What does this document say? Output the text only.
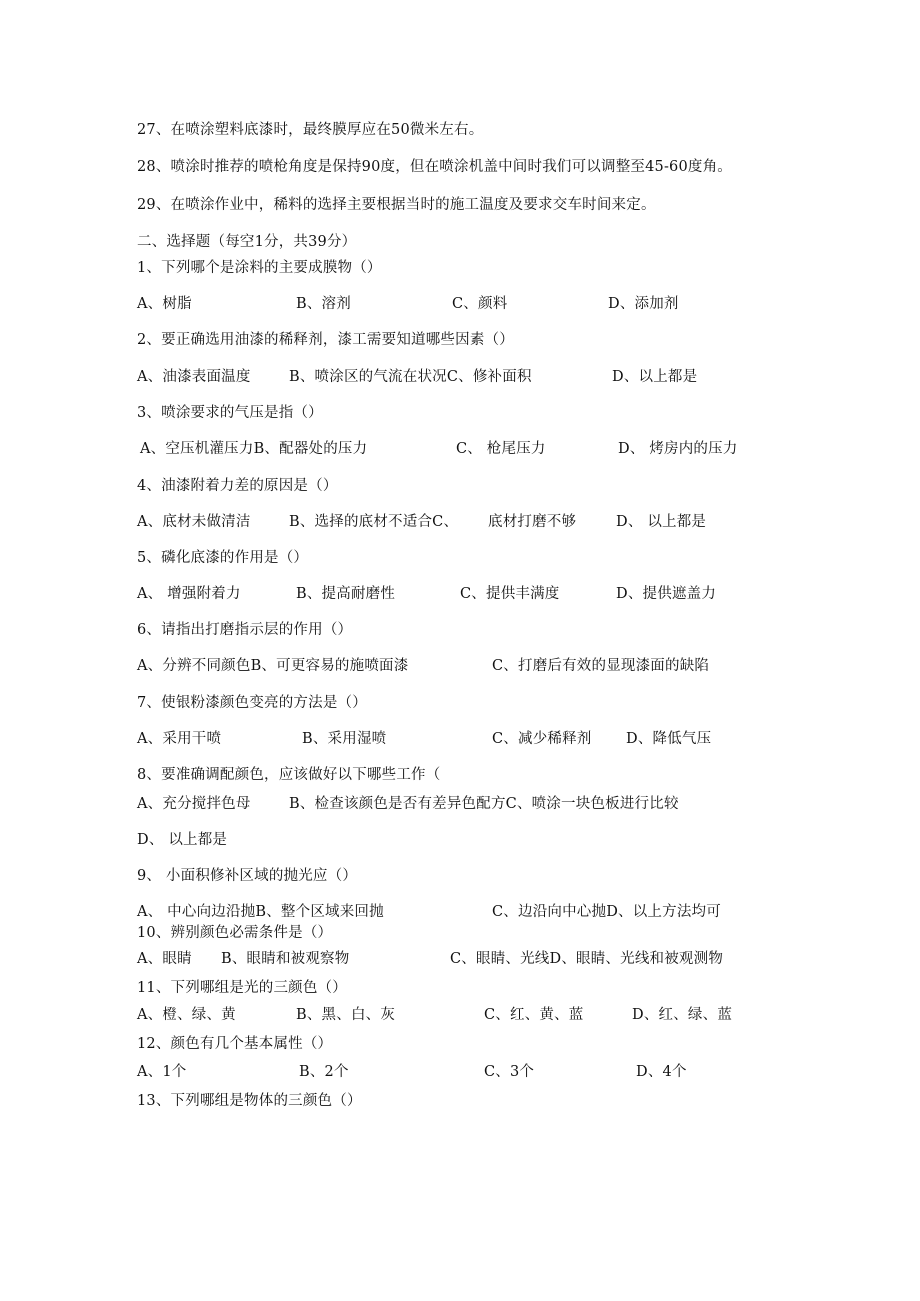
27、在喷涂塑料底漆时，最终膜厚应在50微米左右。
28、喷涂时推荐的喷枪角度是保持90度，但在喷涂机盖中间时我们可以调整至45-60度角。
29、在喷涂作业中，稀料的选择主要根据当时的施工温度及要求交车时间来定。
二、选择题（每空1分，共39分）
1、下列哪个是涂料的主要成膜物（）
A、树脂	B、溶剂	C、颜料	D、添加剂
2、要正确选用油漆的稀释剂，漆工需要知道哪些因素（）
A、油漆表面温度	B、喷涂区的气流在状况C、修补面积	D、以上都是
3、喷涂要求的气压是指（）
A、空压机灌压力B、配器处的压力	C、 枪尾压力	D、 烤房内的压力
4、油漆附着力差的原因是（）
A、底材未做清洁	B、选择的底材不适合C、 底材打磨不够	D、 以上都是
5、磷化底漆的作用是（）
A、 增强附着力	B、提高耐磨性	C、提供丰满度	D、提供遮盖力
6、请指出打磨指示层的作用（）
A、分辨不同颜色B、可更容易的施喷面漆	C、打磨后有效的显现漆面的缺陷
7、使银粉漆颜色变亮的方法是（）
A、采用干喷	B、采用湿喷	C、减少稀释剂 D、降低气压
8、要准确调配颜色，应该做好以下哪些工作（
A、充分搅拌色母	B、检查该颜色是否有差异色配方C、喷涂一块色板进行比较
D、 以上都是
9、 小面积修补区域的抛光应（）
A、 中心向边沿抛B、整个区域来回抛	C、边沿向中心抛D、以上方法均可
10、辨别颜色必需条件是（）
A、眼睛 B、眼睛和被观察物	C、眼睛、光线D、眼睛、光线和被观测物
11、下列哪组是光的三颜色（）
A、橙、绿、黄	B、黑、白、灰	C、红、黄、蓝	D、红、绿、蓝
12、颜色有几个基本属性（）
A、1个	B、2个	C、3个	D、4个
13、下列哪组是物体的三颜色（）
